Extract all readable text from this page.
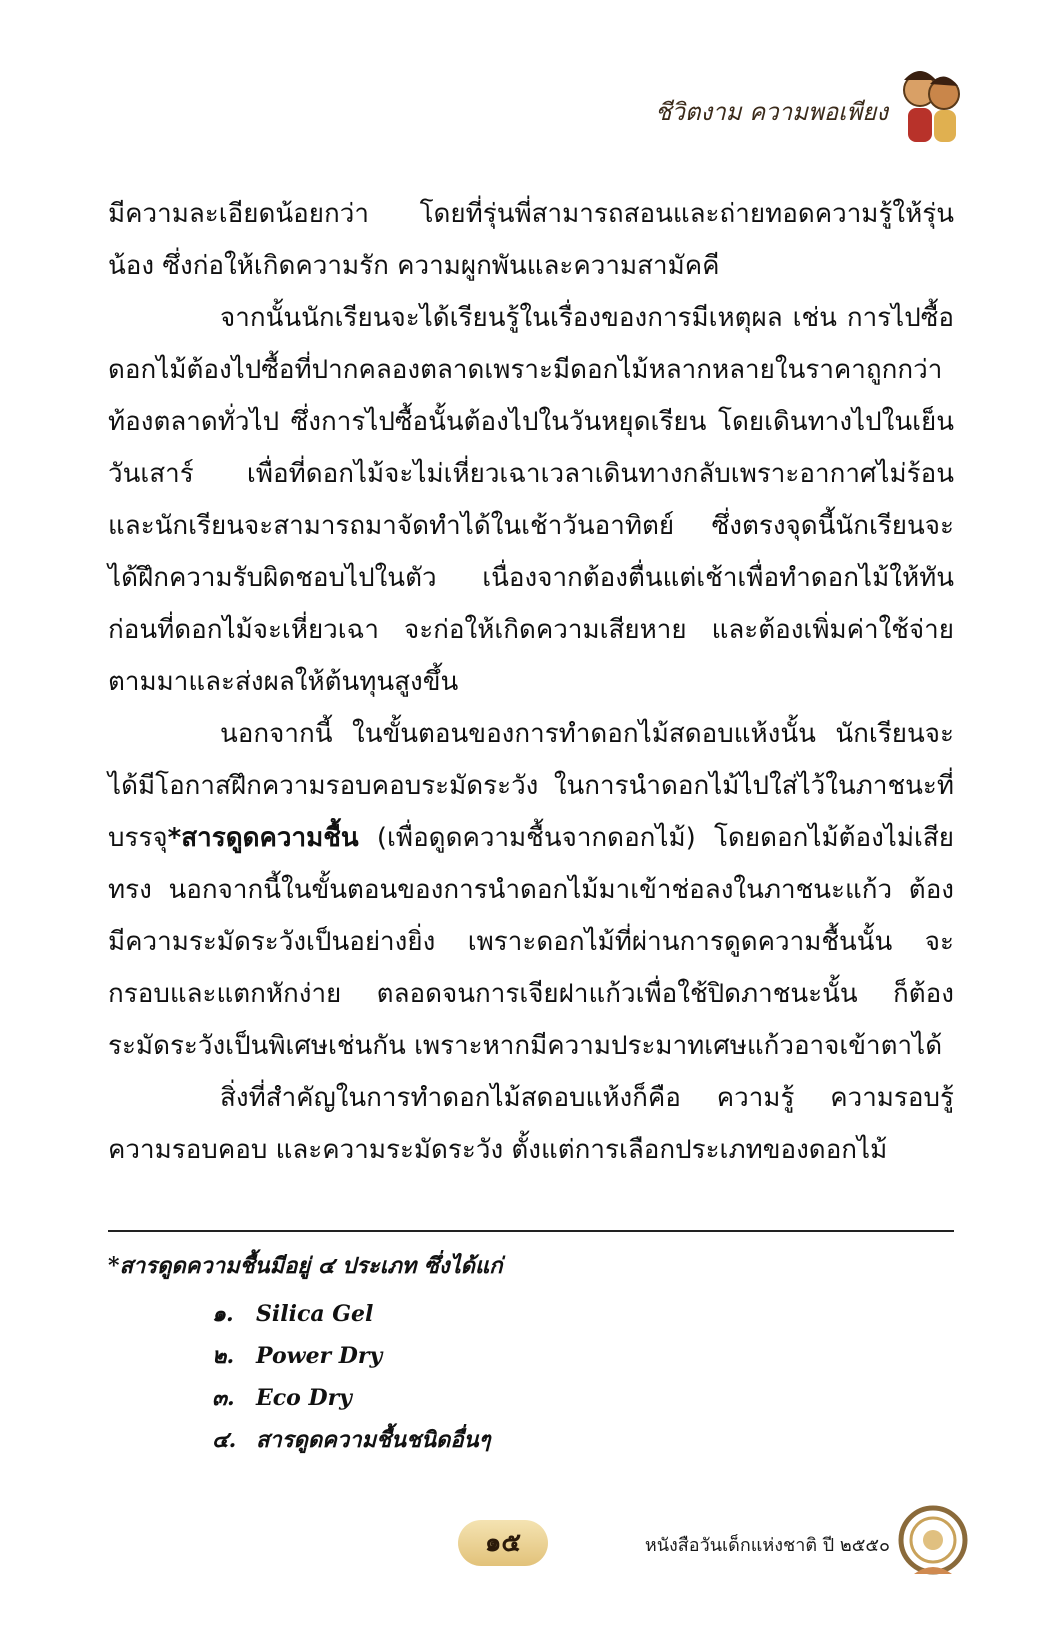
ชีวิตงาม ความพอเพียง

มีความละเอียดน้อยกว่า โดยที่รุ่นพี่สามารถสอนและถ่ายทอดความรู้ให้รุ่นน้อง ซึ่งก่อให้เกิดความรัก ความผูกพันและความสามัคคี

จากนั้นนักเรียนจะได้เรียนรู้ในเรื่องของการมีเหตุผล เช่น การไปซื้อดอกไม้ต้องไปซื้อที่ปากคลองตลาดเพราะมีดอกไม้หลากหลายในราคาถูกกว่าท้องตลาดทั่วไป ซึ่งการไปซื้อนั้นต้องไปในวันหยุดเรียน โดยเดินทางไปในเย็นวันเสาร์ เพื่อที่ดอกไม้จะไม่เหี่ยวเฉาเวลาเดินทางกลับเพราะอากาศไม่ร้อน และนักเรียนจะสามารถมาจัดทำได้ในเช้าวันอาทิตย์ ซึ่งตรงจุดนี้นักเรียนจะได้ฝึกความรับผิดชอบไปในตัว เนื่องจากต้องตื่นแต่เช้าเพื่อทำดอกไม้ให้ทันก่อนที่ดอกไม้จะเหี่ยวเฉา จะก่อให้เกิดความเสียหาย และต้องเพิ่มค่าใช้จ่ายตามมาและส่งผลให้ต้นทุนสูงขึ้น

นอกจากนี้ ในขั้นตอนของการทำดอกไม้สดอบแห้งนั้น นักเรียนจะได้มีโอกาสฝึกความรอบคอบระมัดระวัง ในการนำดอกไม้ไปใส่ไว้ในภาชนะที่บรรจุ*สารดูดความชื้น (เพื่อดูดความชื้นจากดอกไม้) โดยดอกไม้ต้องไม่เสียทรง นอกจากนี้ในขั้นตอนของการนำดอกไม้มาเข้าช่อลงในภาชนะแก้ว ต้องมีความระมัดระวังเป็นอย่างยิ่ง เพราะดอกไม้ที่ผ่านการดูดความชื้นนั้น จะกรอบและแตกหักง่าย ตลอดจนการเจียฝาแก้วเพื่อใช้ปิดภาชนะนั้น ก็ต้องระมัดระวังเป็นพิเศษเช่นกัน เพราะหากมีความประมาทเศษแก้วอาจเข้าตาได้

สิ่งที่สำคัญในการทำดอกไม้สดอบแห้งก็คือ ความรู้ ความรอบรู้ ความรอบคอบ และความระมัดระวัง ตั้งแต่การเลือกประเภทของดอกไม้

*สารดูดความชื้นมีอยู่ ๔ ประเภท ซึ่งได้แก่

๑. Silica Gel
๒. Power Dry
๓. Eco Dry
๔. สารดูดความชื้นชนิดอื่นๆ
๑๕	หนังสือวันเด็กแห่งชาติ ปี ๒๕๕๐
